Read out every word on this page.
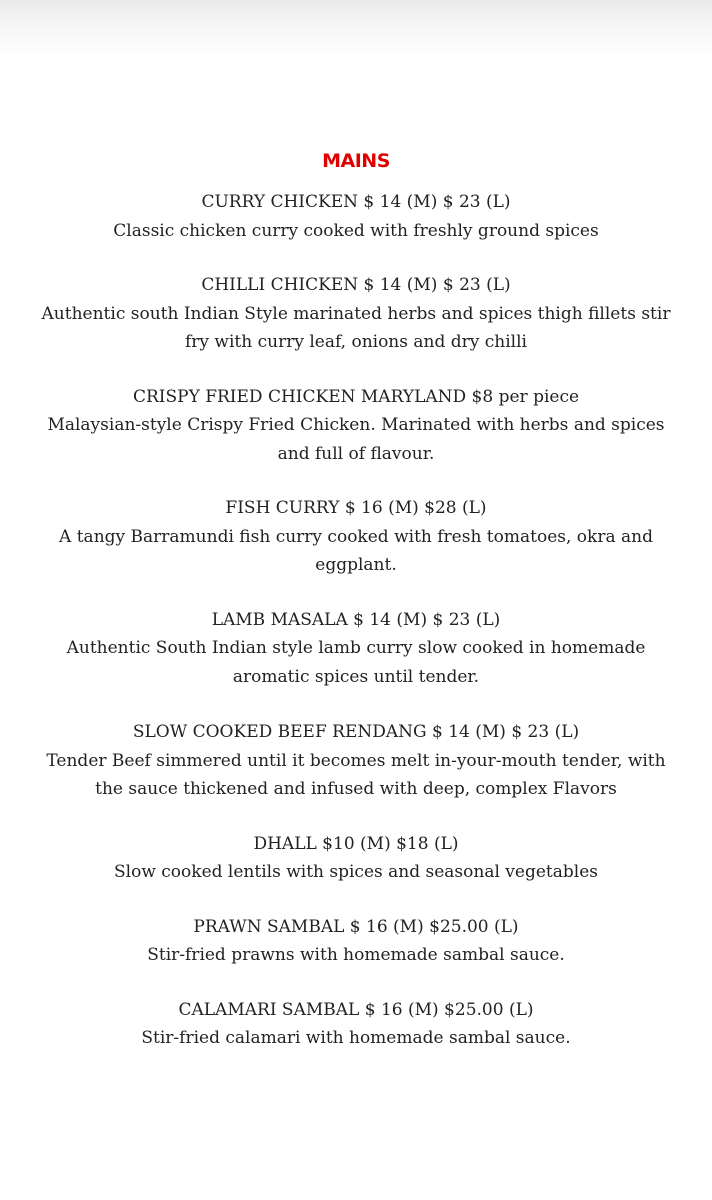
MAINS
CURRY CHICKEN $ 14 (M) $ 23 (L)
Classic chicken curry cooked with freshly ground spices
CHILLI CHICKEN $ 14 (M) $ 23 (L)
Authentic south Indian Style marinated herbs and spices thigh fillets stir fry with curry leaf, onions and dry chilli
CRISPY FRIED CHICKEN MARYLAND $8 per piece
Malaysian-style Crispy Fried Chicken. Marinated with herbs and spices and full of flavour.
FISH CURRY $ 16 (M) $28 (L)
A tangy Barramundi fish curry cooked with fresh tomatoes, okra and eggplant.
LAMB MASALA $ 14 (M) $ 23 (L)
Authentic South Indian style lamb curry slow cooked in homemade aromatic spices until tender.
SLOW COOKED BEEF RENDANG $ 14 (M) $ 23 (L)
Tender Beef simmered until it becomes melt in-your-mouth tender, with the sauce thickened and infused with deep, complex Flavors
DHALL $10 (M) $18 (L)
Slow cooked lentils with spices and seasonal vegetables
PRAWN SAMBAL $ 16 (M) $25.00 (L)
Stir-fried prawns with homemade sambal sauce.
CALAMARI SAMBAL $ 16 (M) $25.00 (L)
Stir-fried calamari with homemade sambal sauce.
